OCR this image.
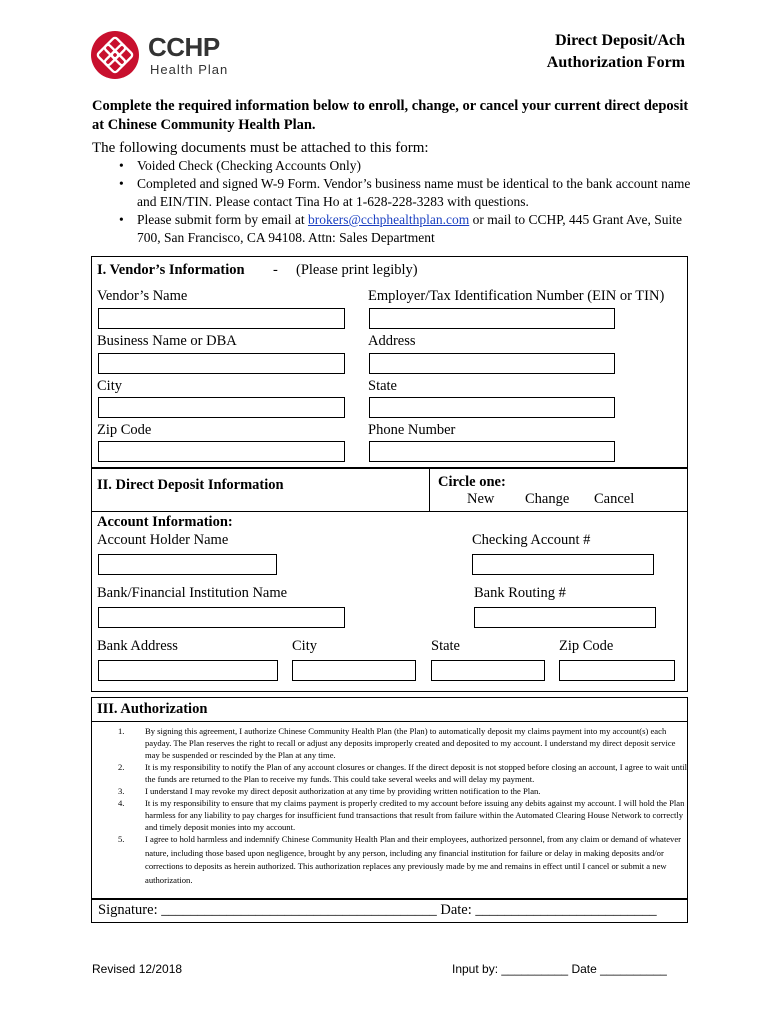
CCHP
Health Plan
Direct Deposit/Ach
Authorization Form
Complete the required information below to enroll, change, or cancel your current direct deposit at Chinese Community Health Plan.
The following documents must be attached to this form:
• Voided Check (Checking Accounts Only)
• Completed and signed W-9 Form. Vendor’s business name must be identical to the bank account name and EIN/TIN. Please contact Tina Ho at 1-628-228-3283 with questions.
• Please submit form by email at brokers@cchphealthplan.com or mail to CCHP, 445 Grant Ave, Suite 700, San Francisco, CA 94108. Attn: Sales Department
I. Vendor’s Information - (Please print legibly)
Vendor’s Name	Employer/Tax Identification Number (EIN or TIN)
Business Name or DBA	Address
City	State
Zip Code	Phone Number
II. Direct Deposit Information	Circle one:
New Change Cancel
Account Information:
Account Holder Name	Checking Account #
Bank/Financial Institution Name	Bank Routing #
Bank Address	City	State	Zip Code
III. Authorization
1. By signing this agreement, I authorize Chinese Community Health Plan (the Plan) to automatically deposit my claims payment into my account(s) each payday. The Plan reserves the right to recall or adjust any deposits improperly created and deposited to my account. I understand my direct deposit service may be suspended or rescinded by the Plan at any time.
2. It is my responsibility to notify the Plan of any account closures or changes. If the direct deposit is not stopped before closing an account, I agree to wait until the funds are returned to the Plan to receive my funds. This could take several weeks and will delay my payment.
3. I understand I may revoke my direct deposit authorization at any time by providing written notification to the Plan.
4. It is my responsibility to ensure that my claims payment is properly credited to my account before issuing any debits against my account. I will hold the Plan harmless for any liability to pay charges for insufficient fund transactions that result from failure within the Automated Clearing House Network to correctly and timely deposit monies into my account.
5. I agree to hold harmless and indemnify Chinese Community Health Plan and their employees, authorized personnel, from any claim or demand of whatever nature, including those based upon negligence, brought by any person, including any financial institution for failure or delay in making deposits and/or corrections to deposits as herein authorized. This authorization replaces any previously made by me and remains in effect until I cancel or submit a new authorization.
Signature: ______________________________________ Date: _________________________
Revised 12/2018	Input by: __________ Date __________
